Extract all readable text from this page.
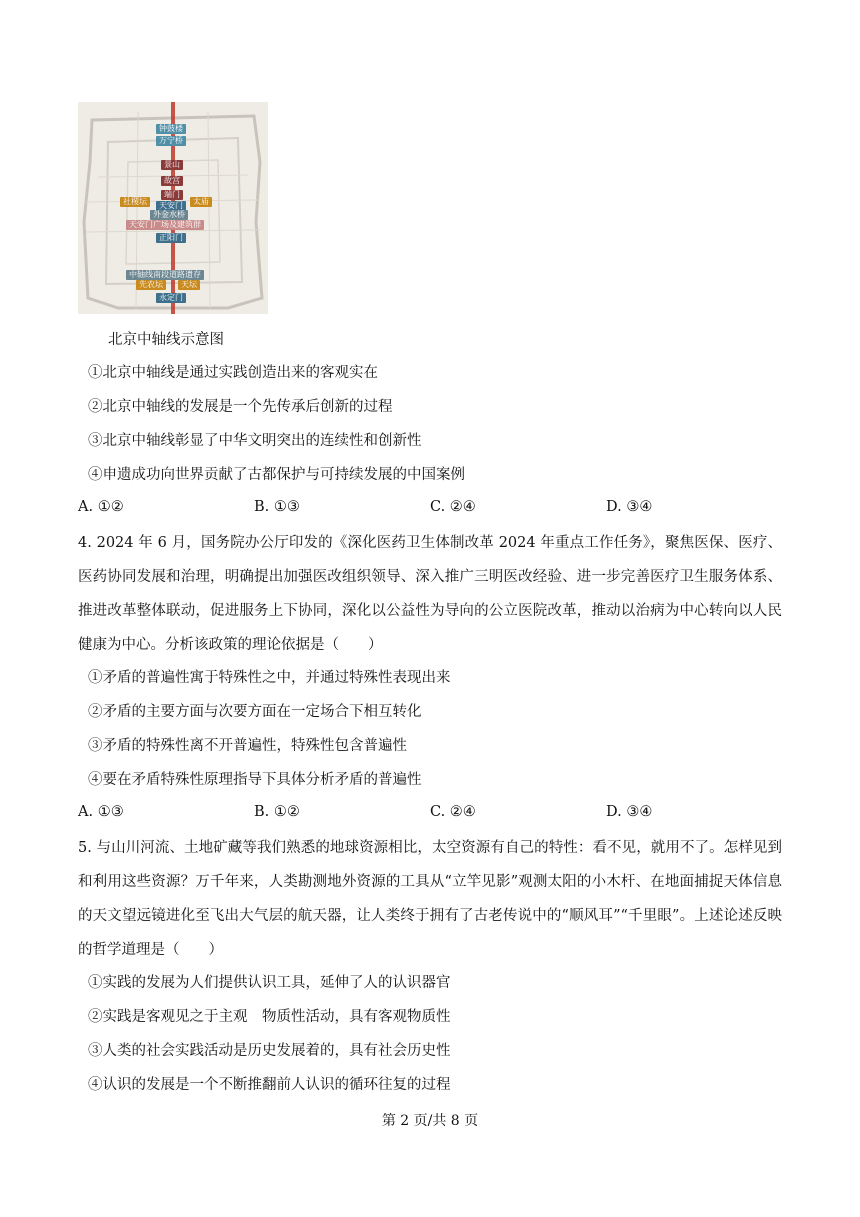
钟鼓楼
万宁桥
景山
故宫
端门
社稷坛	天安门	太庙
外金水桥
天安门广场及建筑群
正阳门
中轴线南段道路遗存
先农坛	天坛
永定门
北京中轴线示意图
①北京中轴线是通过实践创造出来的客观实在
②北京中轴线的发展是一个先传承后创新的过程
③北京中轴线彰显了中华文明突出的连续性和创新性
④申遗成功向世界贡献了古都保护与可持续发展的中国案例
A. ①②	B. ①③	C. ②④	D. ③④
4. 2024 年 6 月，国务院办公厅印发的《深化医药卫生体制改革 2024 年重点工作任务》，聚焦医保、医疗、医药协同发展和治理，明确提出加强医改组织领导、深入推广三明医改经验、进一步完善医疗卫生服务体系、推进改革整体联动，促进服务上下协同，深化以公益性为导向的公立医院改革，推动以治病为中心转向以人民健康为中心。分析该政策的理论依据是（　　）
①矛盾的普遍性寓于特殊性之中，并通过特殊性表现出来
②矛盾的主要方面与次要方面在一定场合下相互转化
③矛盾的特殊性离不开普遍性，特殊性包含普遍性
④要在矛盾特殊性原理指导下具体分析矛盾的普遍性
A. ①③	B. ①②	C. ②④	D. ③④
5. 与山川河流、土地矿藏等我们熟悉的地球资源相比，太空资源有自己的特性：看不见，就用不了。怎样见到和利用这些资源？万千年来，人类勘测地外资源的工具从“立竿见影”观测太阳的小木杆、在地面捕捉天体信息的天文望远镜进化至飞出大气层的航天器，让人类终于拥有了古老传说中的“顺风耳”“千里眼”。上述论述反映的哲学道理是（　　）
①实践的发展为人们提供认识工具，延伸了人的认识器官
②实践是客观见之于主观　物质性活动，具有客观物质性
③人类的社会实践活动是历史发展着的，具有社会历史性
④认识的发展是一个不断推翻前人认识的循环往复的过程
第 2 页/共 8 页
